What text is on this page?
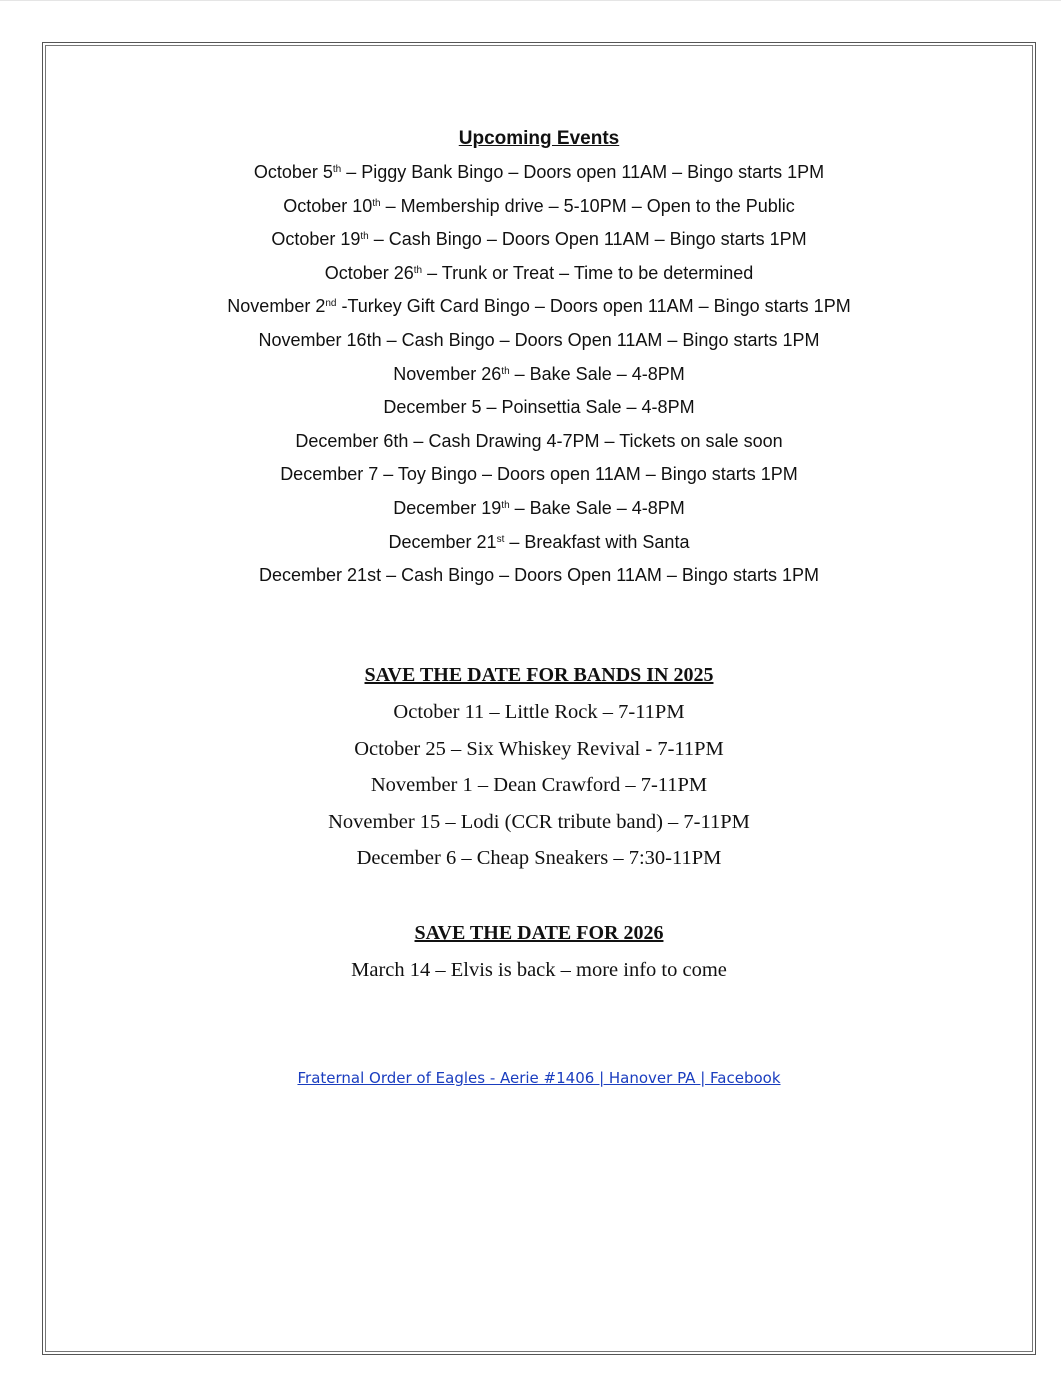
Upcoming Events
October 5th – Piggy Bank Bingo – Doors open 11AM – Bingo starts 1PM
October 10th – Membership drive – 5-10PM – Open to the Public
October 19th – Cash Bingo – Doors Open 11AM – Bingo starts 1PM
October 26th – Trunk or Treat – Time to be determined
November 2nd -Turkey Gift Card Bingo – Doors open 11AM – Bingo starts 1PM
November 16th – Cash Bingo – Doors Open 11AM – Bingo starts 1PM
November 26th – Bake Sale – 4-8PM
December 5 – Poinsettia Sale – 4-8PM
December 6th – Cash Drawing 4-7PM – Tickets on sale soon
December 7 – Toy Bingo – Doors open 11AM – Bingo starts 1PM
December 19th – Bake Sale – 4-8PM
December 21st – Breakfast with Santa
December 21st – Cash Bingo – Doors Open 11AM – Bingo starts 1PM
SAVE THE DATE FOR BANDS IN 2025
October 11 – Little Rock – 7-11PM
October 25 – Six Whiskey Revival - 7-11PM
November 1 – Dean Crawford – 7-11PM
November 15 – Lodi (CCR tribute band) – 7-11PM
December 6 – Cheap Sneakers – 7:30-11PM
SAVE THE DATE FOR 2026
March 14 – Elvis is back – more info to come
Fraternal Order of Eagles - Aerie #1406 | Hanover PA | Facebook
